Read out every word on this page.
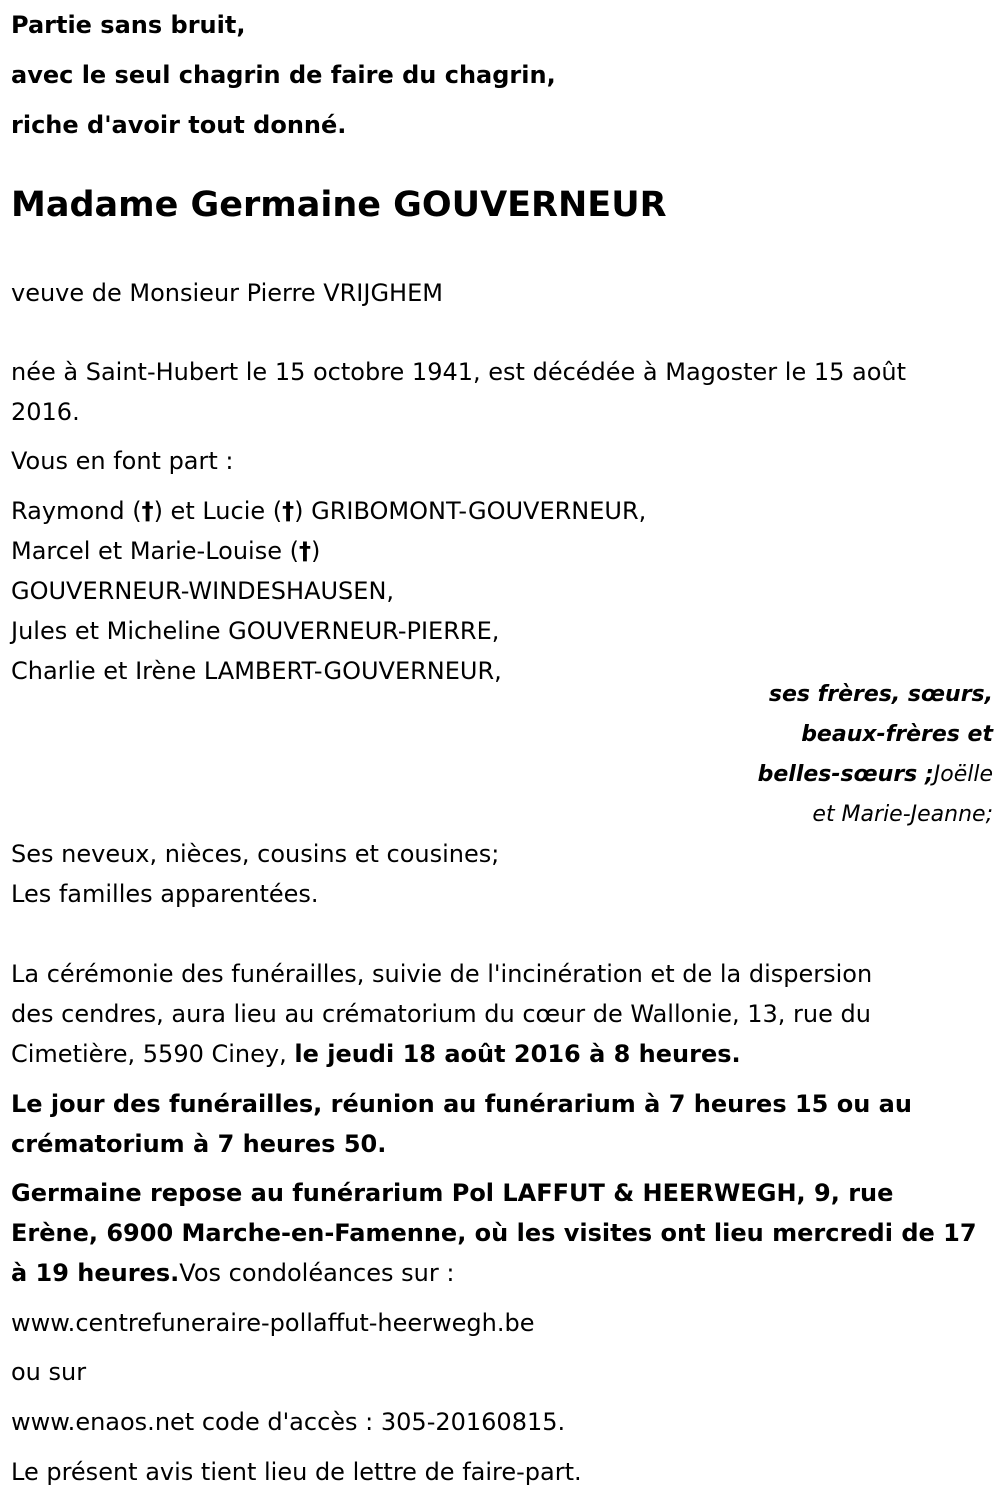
Partie sans bruit,
avec le seul chagrin de faire du chagrin,
riche d'avoir tout donné.
Madame Germaine GOUVERNEUR
veuve de Monsieur Pierre VRIJGHEM
née à Saint-Hubert le 15 octobre 1941, est décédée à Magoster le 15 août
2016.
Vous en font part :
Raymond (†) et Lucie (†) GRIBOMONT-GOUVERNEUR,
Marcel et Marie-Louise (†)
GOUVERNEUR-WINDESHAUSEN,
Jules et Micheline GOUVERNEUR-PIERRE,
Charlie et Irène LAMBERT-GOUVERNEUR,
ses frères, sœurs,
beaux-frères et
belles-sœurs ;Joëlle
et Marie-Jeanne;
Ses neveux, nièces, cousins et cousines;
Les familles apparentées.
La cérémonie des funérailles, suivie de l'incinération et de la dispersion
des cendres, aura lieu au crématorium du cœur de Wallonie, 13, rue du
Cimetière, 5590 Ciney, le jeudi 18 août 2016 à 8 heures.
Le jour des funérailles, réunion au funérarium à 7 heures 15 ou au
crématorium à 7 heures 50.
Germaine repose au funérarium Pol LAFFUT & HEERWEGH, 9, rue
Erène, 6900 Marche-en-Famenne, où les visites ont lieu mercredi de 17
à 19 heures.Vos condoléances sur :
www.centrefuneraire-pollaffut-heerwegh.be
ou sur
www.enaos.net code d'accès : 305-20160815.
Le présent avis tient lieu de lettre de faire-part.
